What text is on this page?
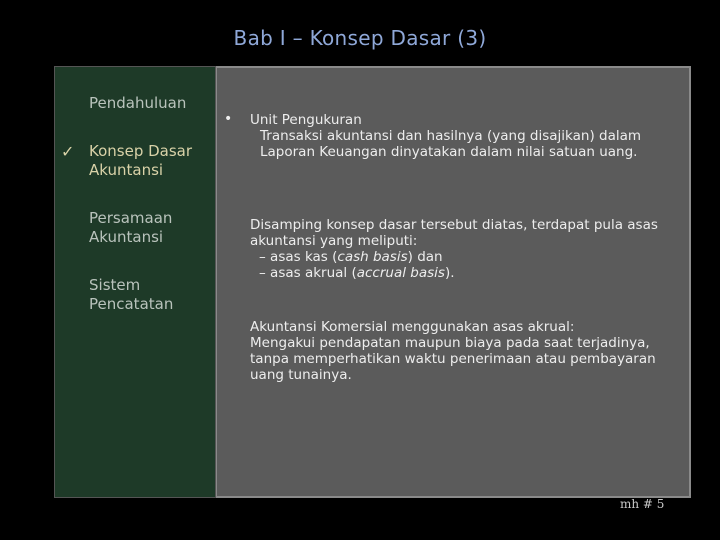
Bab I – Konsep Dasar (3)
Pendahuluan
✓ Konsep Dasar Akuntansi
Persamaan Akuntansi
Sistem Pencatatan
• Unit Pengukuran
Transaksi akuntansi dan hasilnya (yang disajikan) dalam Laporan Keuangan dinyatakan dalam nilai satuan uang.
Disamping konsep dasar tersebut diatas, terdapat pula asas akuntansi yang meliputi:
– asas kas (cash basis) dan
– asas akrual (accrual basis).
Akuntansi Komersial menggunakan asas akrual:
Mengakui pendapatan maupun biaya pada saat terjadinya, tanpa memperhatikan waktu penerimaan atau pembayaran uang tunainya.
mh # 5
